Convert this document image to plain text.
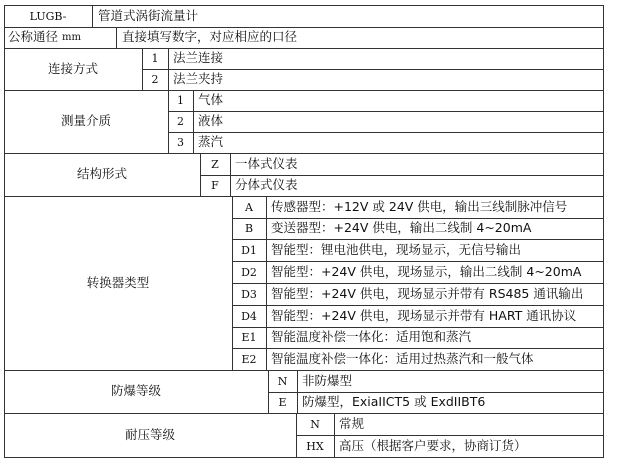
LUGB-	管道式涡街流量计
公称通径 mm	直接填写数字，对应相应的口径
连接方式
1	法兰连接
2	法兰夹持
测量介质
1	气体
2	液体
3	蒸汽
结构形式
Z	一体式仪表
F	分体式仪表
转换器类型
A	传感器型：+12V 或 24V 供电，输出三线制脉冲信号
B	变送器型：+24V 供电，输出二线制 4~20mA
D1	智能型：锂电池供电，现场显示，无信号输出
D2	智能型：+24V 供电，现场显示，输出二线制 4~20mA
D3	智能型：+24V 供电，现场显示并带有 RS485 通讯输出
D4	智能型：+24V 供电，现场显示并带有 HART 通讯协议
E1	智能温度补偿一体化：适用饱和蒸汽
E2	智能温度补偿一体化：适用过热蒸汽和一般气体
防爆等级
N	非防爆型
E	防爆型，ExiaIICT5 或 ExdIIBT6
耐压等级
N	常规
HX	高压（根据客户要求，协商订货）
